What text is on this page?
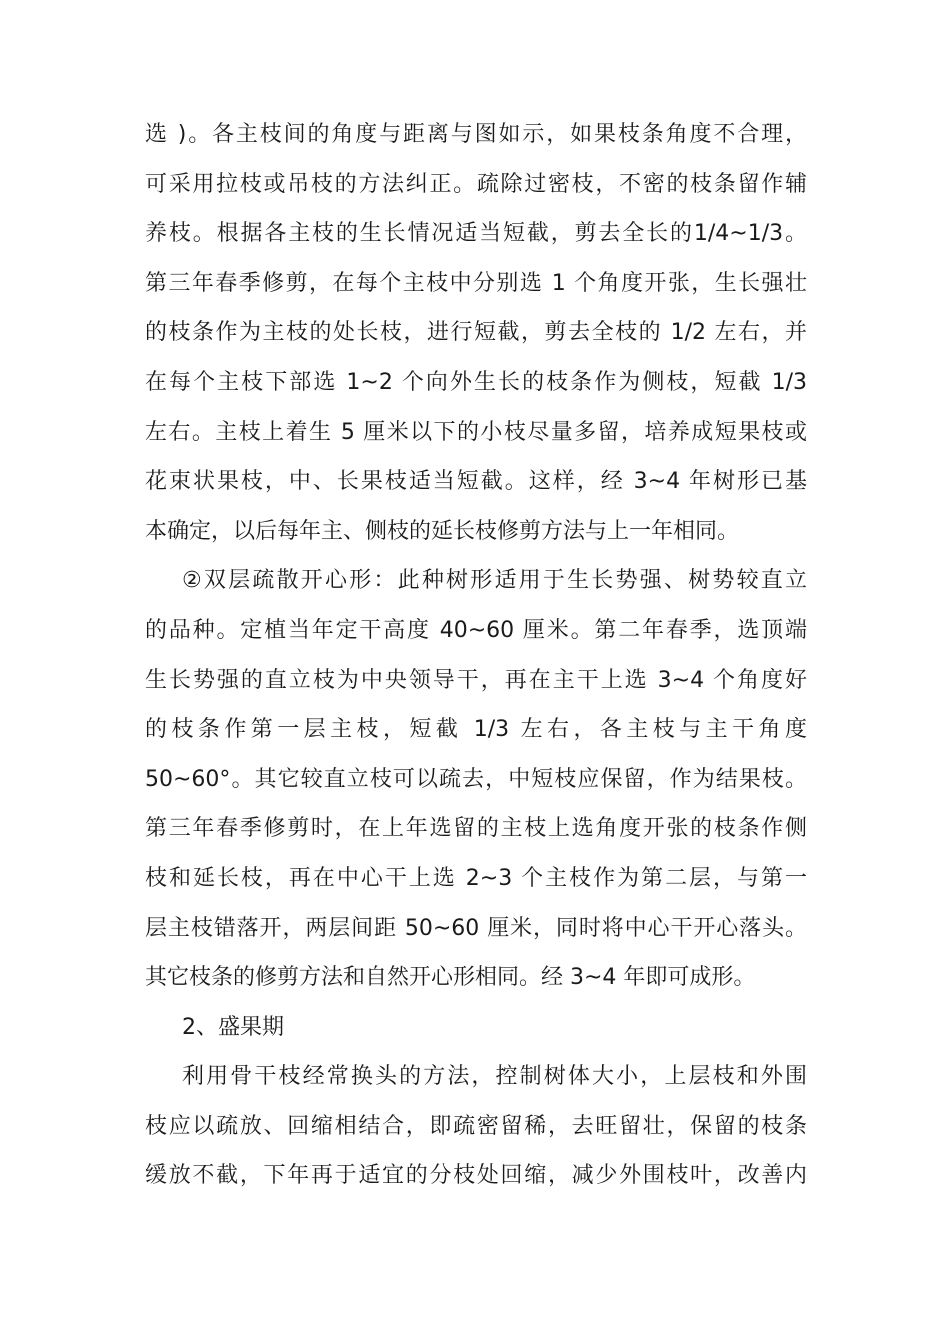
选 )。各主枝间的角度与距离与图如示，如果枝条角度不合理，
可采用拉枝或吊枝的方法纠正。疏除过密枝，不密的枝条留作辅
养枝。根据各主枝的生长情况适当短截，剪去全长的1/4~1/3。
第三年春季修剪，在每个主枝中分别选 1 个角度开张，生长强壮
的枝条作为主枝的处长枝，进行短截，剪去全枝的 1/2 左右，并
在每个主枝下部选 1~2 个向外生长的枝条作为侧枝，短截 1/3
左右。主枝上着生 5 厘米以下的小枝尽量多留，培养成短果枝或
花束状果枝，中、长果枝适当短截。这样，经 3~4 年树形已基
本确定，以后每年主、侧枝的延长枝修剪方法与上一年相同。
②双层疏散开心形：此种树形适用于生长势强、树势较直立
的品种。定植当年定干高度 40~60 厘米。第二年春季，选顶端
生长势强的直立枝为中央领导干，再在主干上选 3~4 个角度好
的枝条作第一层主枝，短截 1/3 左右，各主枝与主干角度
50~60°。其它较直立枝可以疏去，中短枝应保留，作为结果枝。
第三年春季修剪时，在上年选留的主枝上选角度开张的枝条作侧
枝和延长枝，再在中心干上选 2~3 个主枝作为第二层，与第一
层主枝错落开，两层间距 50~60 厘米，同时将中心干开心落头。
其它枝条的修剪方法和自然开心形相同。经 3~4 年即可成形。
2、盛果期
利用骨干枝经常换头的方法，控制树体大小，上层枝和外围
枝应以疏放、回缩相结合，即疏密留稀，去旺留壮，保留的枝条
缓放不截，下年再于适宜的分枝处回缩，减少外围枝叶，改善内
